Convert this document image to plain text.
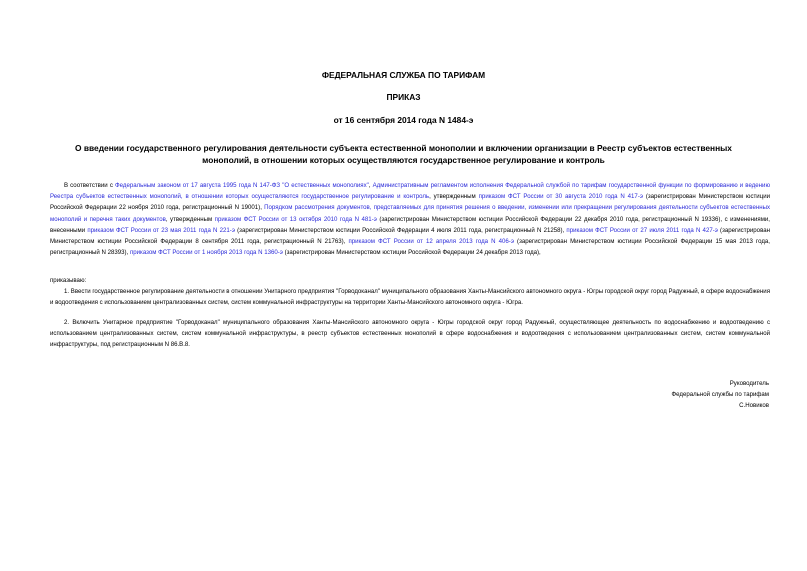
ФЕДЕРАЛЬНАЯ СЛУЖБА ПО ТАРИФАМ
ПРИКАЗ
от 16 сентября 2014 года N 1484-э
О введении государственного регулирования деятельности субъекта естественной монополии и включении организации в Реестр субъектов естественных монополий, в отношении которых осуществляются государственное регулирование и контроль
В соответствии с Федеральным законом от 17 августа 1995 года N 147-ФЗ "О естественных монополиях", Административным регламентом исполнения Федеральной службой по тарифам государственной функции по формированию и ведению Реестра субъектов естественных монополий, в отношении которых осуществляются государственное регулирование и контроль, утвержденным приказом ФСТ России от 30 августа 2010 года N 417-э (зарегистрирован Министерством юстиции Российской Федерации 22 ноября 2010 года, регистрационный N 19001), Порядком рассмотрения документов, представляемых для принятия решения о введении, изменении или прекращении регулирования деятельности субъектов естественных монополий и перечня таких документов, утвержденным приказом ФСТ России от 13 октября 2010 года N 481-э (зарегистрирован Министерством юстиции Российской Федерации 22 декабря 2010 года, регистрационный N 19336), с изменениями, внесенными приказом ФСТ России от 23 мая 2011 года N 221-э (зарегистрирован Министерством юстиции Российской Федерации 4 июля 2011 года, регистрационный N 21258), приказом ФСТ России от 27 июля 2011 года N 427-э (зарегистрирован Министерством юстиции Российской Федерации 8 сентября 2011 года, регистрационный N 21763), приказом ФСТ России от 12 апреля 2013 года N 406-э (зарегистрирован Министерством юстиции Российской Федерации 15 мая 2013 года, регистрационный N 28393), приказом ФСТ России от 1 ноября 2013 года N 1360-э (зарегистрирован Министерством юстиции Российской Федерации 24 декабря 2013 года),
приказываю:
1. Ввести государственное регулирование деятельности в отношении Унитарного предприятия "Горводоканал" муниципального образования Ханты-Мансийского автономного округа - Югры городской округ город Радужный, в сфере водоснабжения и водоотведения с использованием централизованных систем, систем коммунальной инфраструктуры на территории Ханты-Мансийского автономного округа - Югра.
2. Включить Унитарное предприятие "Горводоканал" муниципального образования Ханты-Мансийского автономного округа - Югры городской округ город Радужный, осуществляющее деятельность по водоснабжению и водоотведению с использованием централизованных систем, систем коммунальной инфраструктуры, в реестр субъектов естественных монополий в сфере водоснабжения и водоотведения с использованием централизованных систем, систем коммунальной инфраструктуры, под регистрационным N 86.В.8.
Руководитель
Федеральной службы по тарифам
С.Новиков
